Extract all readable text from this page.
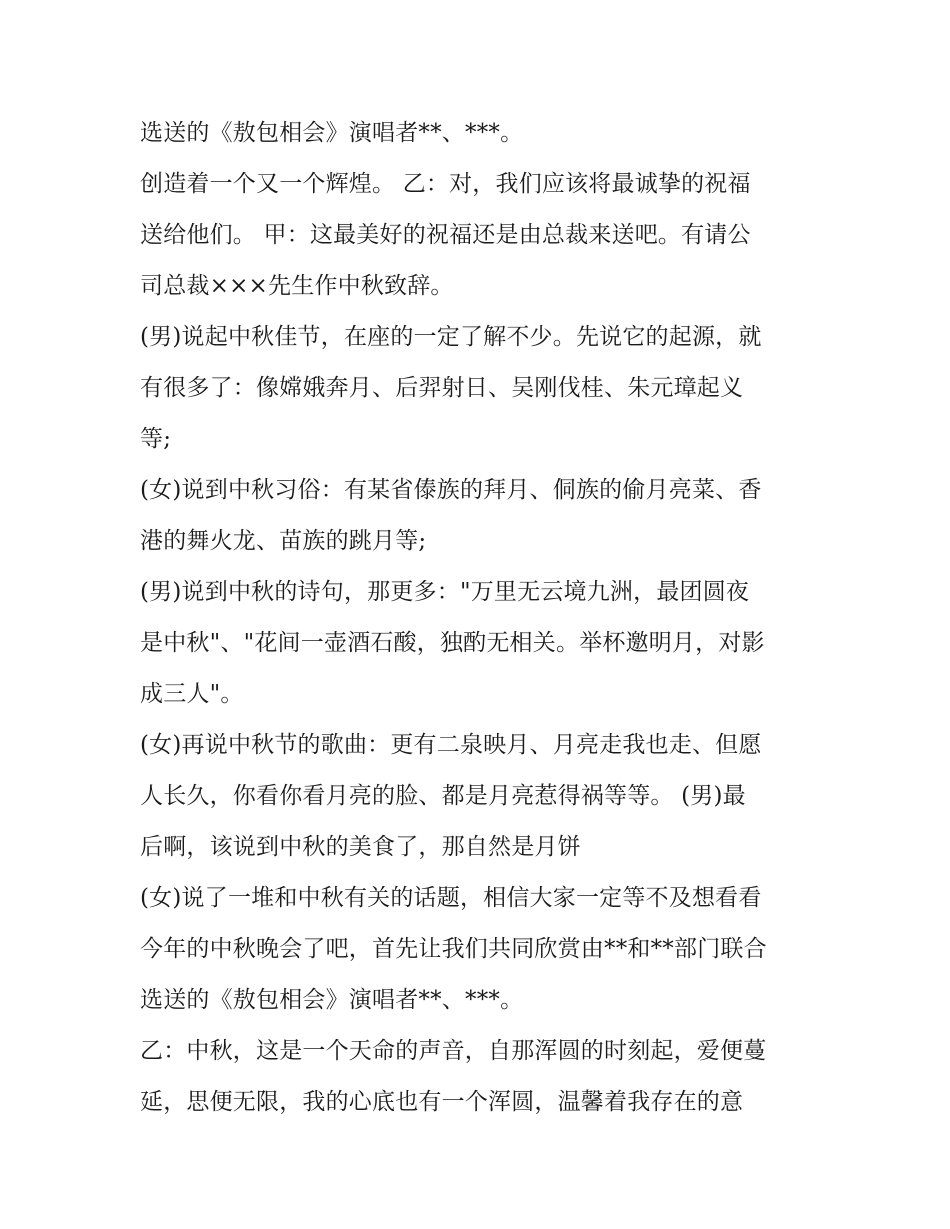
选送的《敖包相会》演唱者**、***。
创造着一个又一个辉煌。 乙：对，我们应该将最诚挚的祝福
送给他们。 甲：这最美好的祝福还是由总裁来送吧。有请公
司总裁×××先生作中秋致辞。
(男)说起中秋佳节，在座的一定了解不少。先说它的起源，就
有很多了：像嫦娥奔月、后羿射日、吴刚伐桂、朱元璋起义
等;
(女)说到中秋习俗：有某省傣族的拜月、侗族的偷月亮菜、香
港的舞火龙、苗族的跳月等;
(男)说到中秋的诗句，那更多："万里无云境九洲，最团圆夜
是中秋"、"花间一壶酒石酸，独酌无相关。举杯邀明月，对影
成三人"。
(女)再说中秋节的歌曲：更有二泉映月、月亮走我也走、但愿
人长久，你看你看月亮的脸、都是月亮惹得祸等等。 (男)最
后啊，该说到中秋的美食了，那自然是月饼
(女)说了一堆和中秋有关的话题，相信大家一定等不及想看看
今年的中秋晚会了吧，首先让我们共同欣赏由**和**部门联合
选送的《敖包相会》演唱者**、***。
乙：中秋，这是一个天命的声音，自那浑圆的时刻起，爱便蔓
延，思便无限，我的心底也有一个浑圆，温馨着我存在的意
